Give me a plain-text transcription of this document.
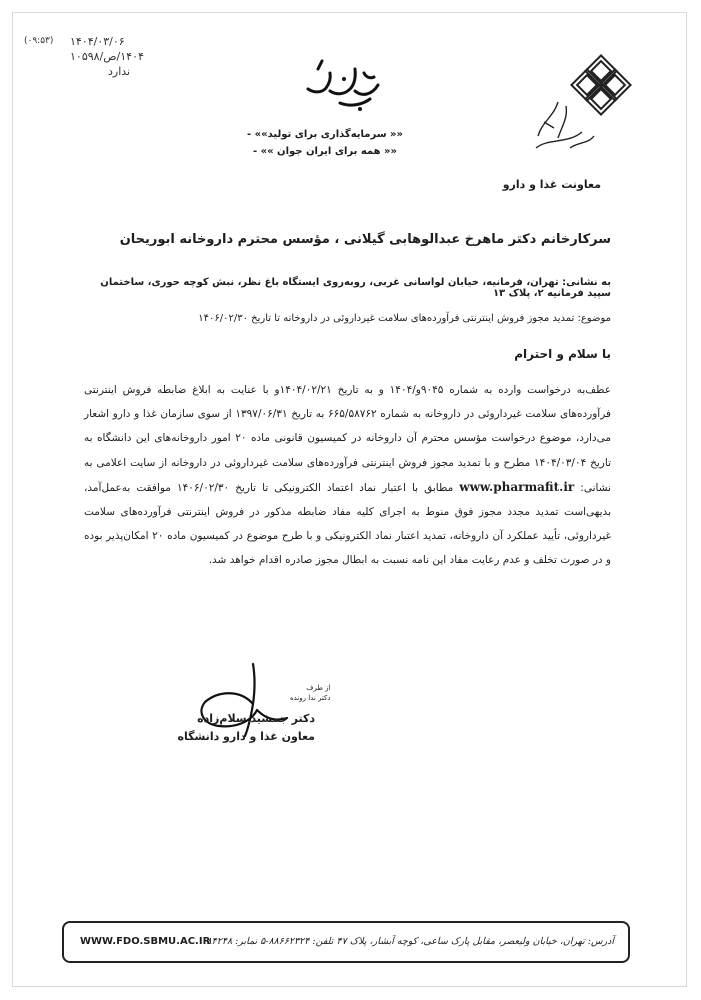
۱۴۰۴/۰۳/۰۶
۱۴۰۴/ص/۱۰۵۹۸
ندارد
(۰۹:۵۳)
بسمه تعالی
«« سرمایه‌گذاری برای تولید»» -
«« همه برای ایران جوان »» -	دانشگاه علوم پزشکی و خدمات بهداشتی درمانی شهید بهشتی
معاونت غذا و دارو
سرکار‌خانم دکتر ماهرخ عبدالوهابی گیلانی ، مؤسس محترم داروخانه ابوریحان
به نشانی: تهران، فرمانیه، خیابان لواسانی غربی، روبه‌روی ایستگاه باغ نظر، نبش کوچه حوری، ساختمان سپید فرمانیه ۲، پلاک ۱۳
موضوع: تمدید مجوز فروش اینترنتی فرآورده‌های سلامت غیرداروئی در داروخانه تا تاریخ ۱۴۰۶/۰۲/۳۰
با سلام و احترام
عطف‌به درخواست وارده به شماره ۹۰۴۵و/۱۴۰۴ و به تاریخ ۱۴۰۴/۰۲/۲۱و با عنایت به ابلاغ ضابطه فروش اینترنتی فرآورده‌های سلامت غیرداروئی در داروخانه به شماره ۶۶۵/۵۸۷۶۲ به تاریخ ۱۳۹۷/۰۶/۳۱ از سوی سازمان غذا و دارو اشعار می‌دارد، موضوع درخواست مؤسس محترم آن داروخانه در کمیسیون قانونی ماده ۲۰ امور داروخانه‌های این دانشگاه به تاریخ ۱۴۰۴/۰۳/۰۴ مطرح و با تمدید مجوز فروش اینترنتی فرآورده‌های سلامت غیرداروئی در داروخانه از سایت اعلامی به نشانی: www.pharmafit.ir مطابق با اعتبار نماد اعتماد الکترونیکی تا تاریخ ۱۴۰۶/۰۲/۳۰ موافقت به‌عمل‌آمد، بدیهی‌است تمدید مجدد مجوز فوق منوط به اجرای کلیه مفاد ضابطه مذکور در فروش اینترنتی فرآورده‌های سلامت غیرداروئی، تأیید عملکرد آن داروخانه، تمدید اعتبار نماد الکترونیکی و با طرح موضوع در کمیسیون ماده ۲۰ امکان‌پذیر بوده و در صورت تخلف و عدم رعایت مفاد این نامه نسبت به ابطال مجوز صادره اقدام خواهد شد.
از طرف
دکتر ندا رونده
دکتر جمشید سلام‌زاده
معاون غذا و دارو دانشگاه
WWW.FDO.SBMU.AC.IR
آدرس: تهران، خیابان ولیعصر، مقابل پارک ساعی، کوچه آبشار، پلاک ۴۷ تلفن: ۸۸۶۶۲۳۲۴-۵ نمابر: ۸۴۲۴۸
